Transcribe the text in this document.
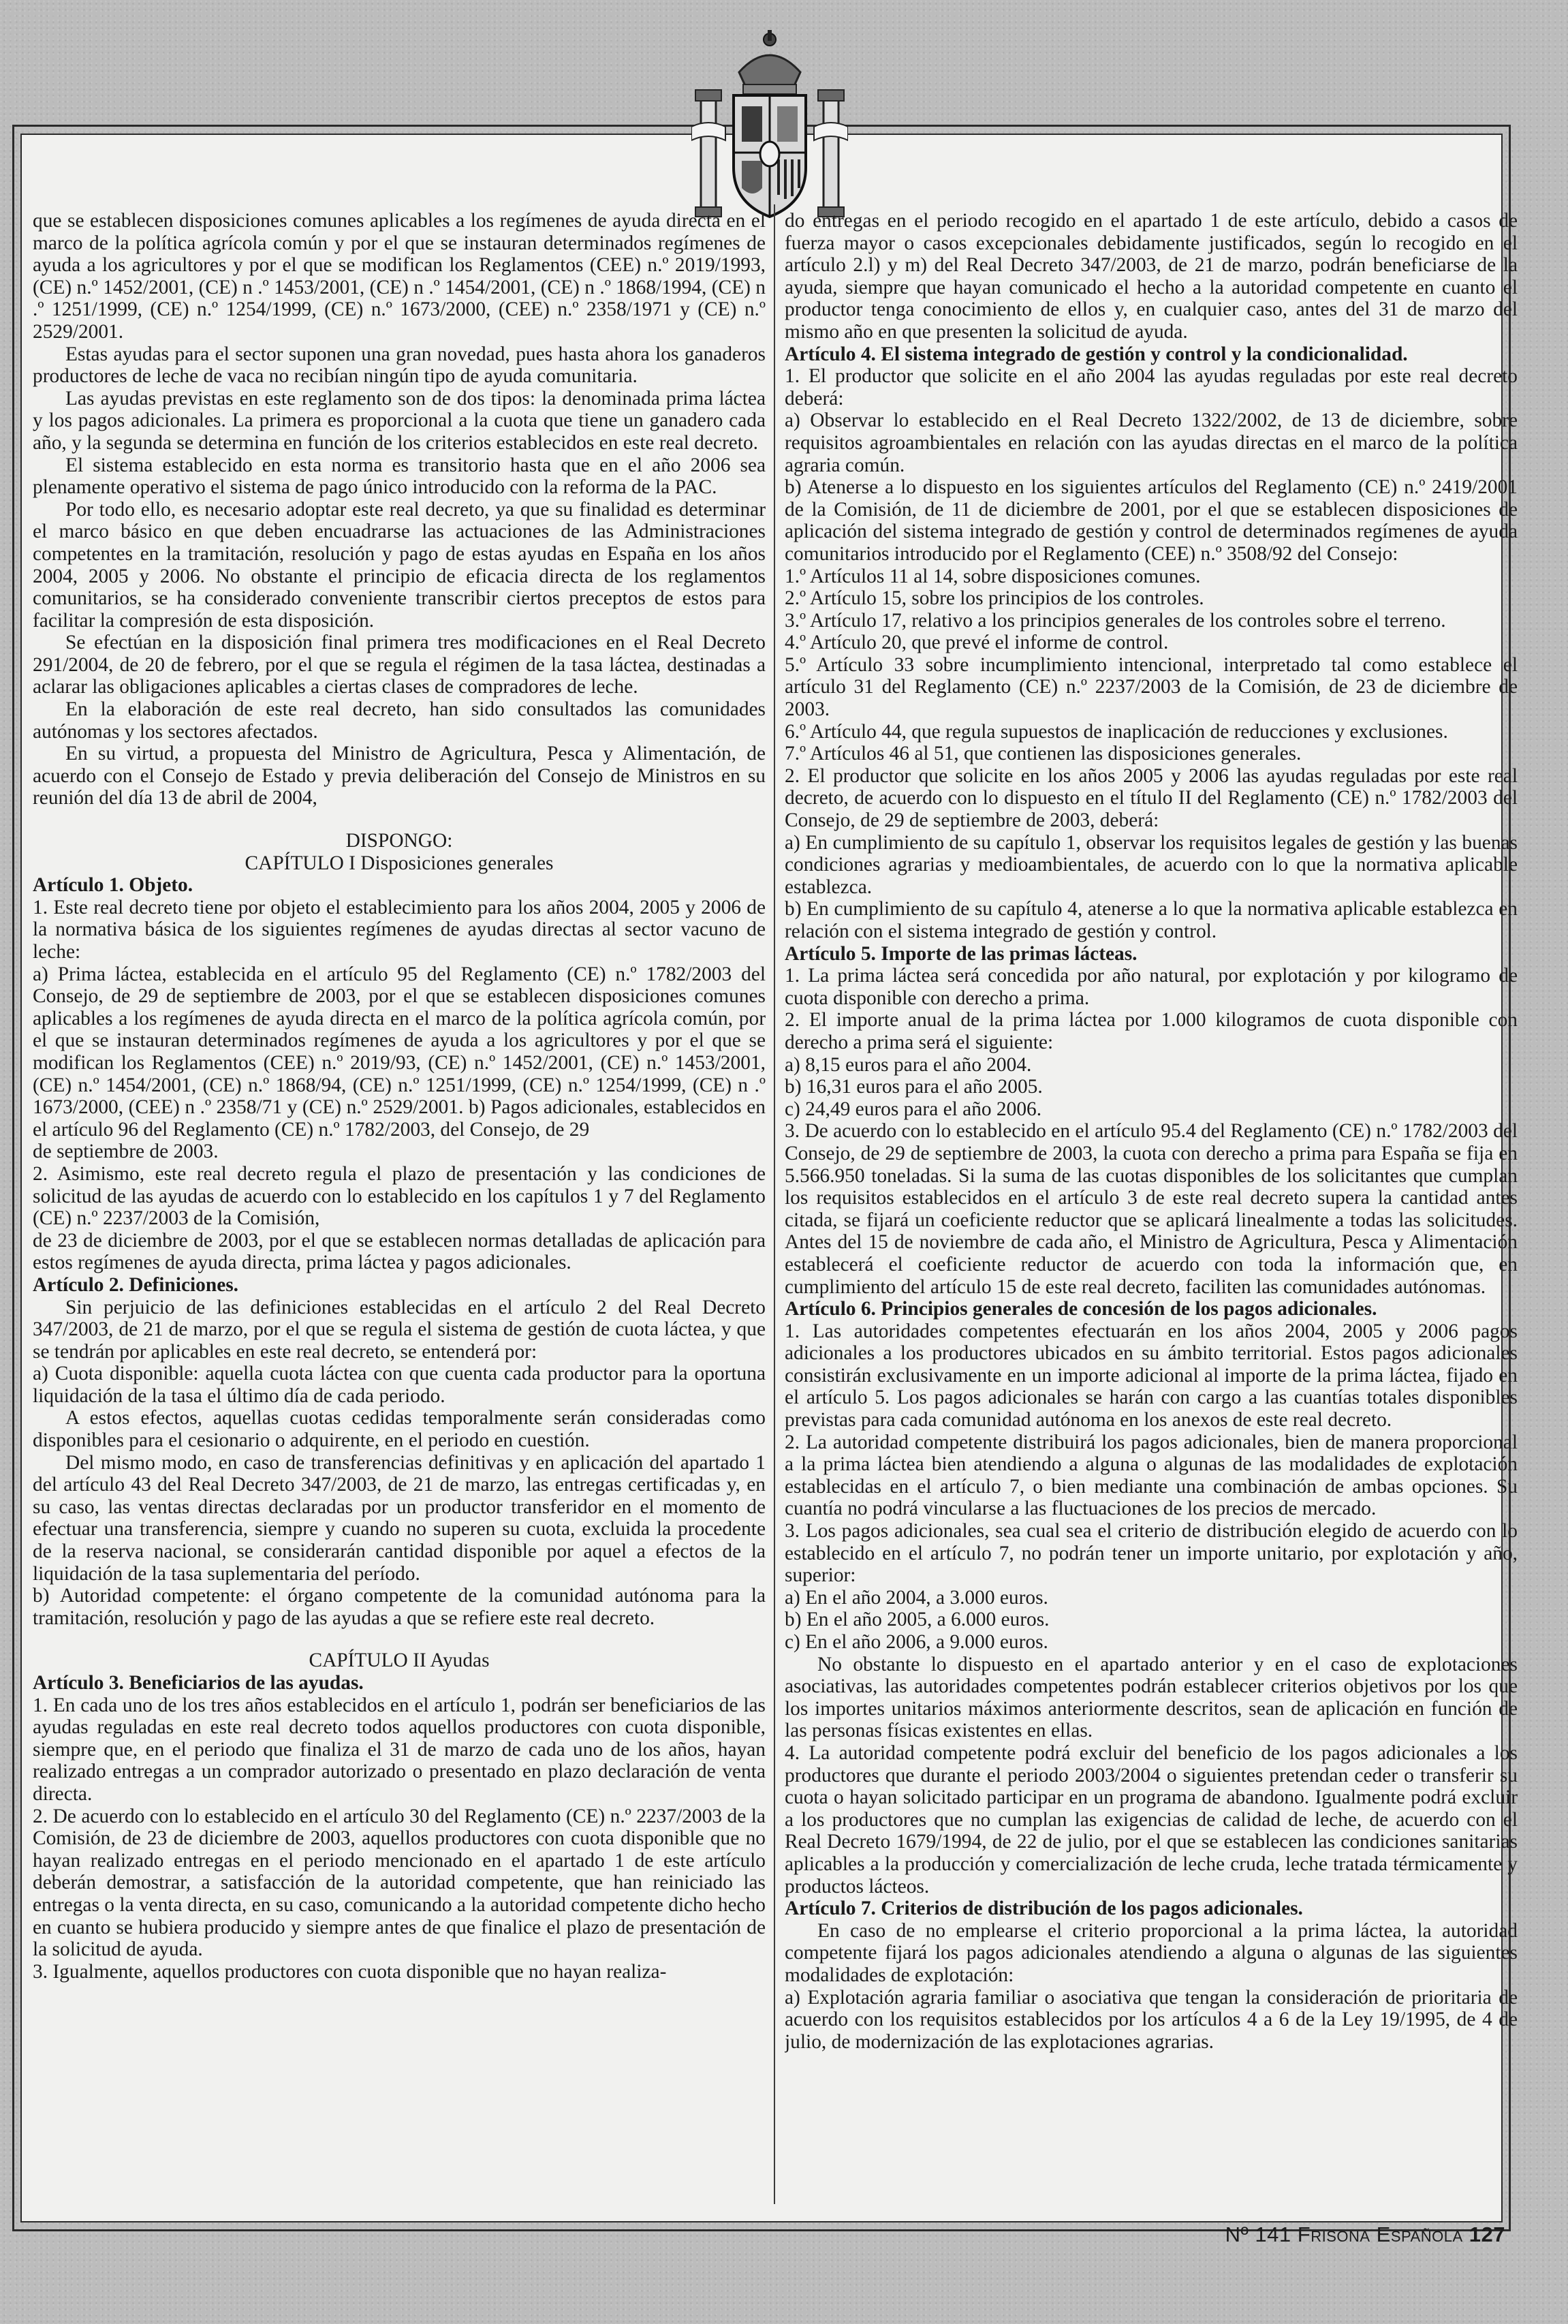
que se establecen disposiciones comunes aplicables a los regímenes de ayuda directa en el marco de la política agrícola común y por el que se instauran determinados regímenes de ayuda a los agricultores y por el que se modifican los Reglamentos (CEE) n.º 2019/1993, (CE) n.º 1452/2001, (CE) n .º 1453/2001, (CE) n .º 1454/2001, (CE) n .º 1868/1994, (CE) n .º 1251/1999, (CE) n.º 1254/1999, (CE) n.º 1673/2000, (CEE) n.º 2358/1971 y (CE) n.º 2529/2001.

Estas ayudas para el sector suponen una gran novedad, pues hasta ahora los ganaderos productores de leche de vaca no recibían ningún tipo de ayuda comunitaria.

Las ayudas previstas en este reglamento son de dos tipos: la denominada prima láctea y los pagos adicionales. La primera es proporcional a la cuota que tiene un ganadero cada año, y la segunda se determina en función de los criterios establecidos en este real decreto.

El sistema establecido en esta norma es transitorio hasta que en el año 2006 sea plenamente operativo el sistema de pago único introducido con la reforma de la PAC.

Por todo ello, es necesario adoptar este real decreto, ya que su finalidad es determinar el marco básico en que deben encuadrarse las actuaciones de las Administraciones competentes en la tramitación, resolución y pago de estas ayudas en España en los años 2004, 2005 y 2006. No obstante el principio de eficacia directa de los reglamentos comunitarios, se ha considerado conveniente transcribir ciertos preceptos de estos para facilitar la compresión de esta disposición.

Se efectúan en la disposición final primera tres modificaciones en el Real Decreto 291/2004, de 20 de febrero, por el que se regula el régimen de la tasa láctea, destinadas a aclarar las obligaciones aplicables a ciertas clases de compradores de leche.

En la elaboración de este real decreto, han sido consultados las comunidades autónomas y los sectores afectados.

En su virtud, a propuesta del Ministro de Agricultura, Pesca y Alimentación, de acuerdo con el Consejo de Estado y previa deliberación del Consejo de Ministros en su reunión del día 13 de abril de 2004,

DISPONGO:

CAPÍTULO I Disposiciones generales

Artículo 1. Objeto.

1. Este real decreto tiene por objeto el establecimiento para los años 2004, 2005 y 2006 de la normativa básica de los siguientes regímenes de ayudas directas al sector vacuno de leche:

a) Prima láctea, establecida en el artículo 95 del Reglamento (CE) n.º 1782/2003 del Consejo, de 29 de septiembre de 2003, por el que se establecen disposiciones comunes aplicables a los regímenes de ayuda directa en el marco de la política agrícola común, por el que se instauran determinados regímenes de ayuda a los agricultores y por el que se modifican los Reglamentos (CEE) n.º 2019/93, (CE) n.º 1452/2001, (CE) n.º 1453/2001, (CE) n.º 1454/2001, (CE) n.º 1868/94, (CE) n.º 1251/1999, (CE) n.º 1254/1999, (CE) n .º 1673/2000, (CEE) n .º 2358/71 y (CE) n.º 2529/2001. b) Pagos adicionales, establecidos en el artículo 96 del Reglamento (CE) n.º 1782/2003, del Consejo, de 29

de septiembre de 2003.

2. Asimismo, este real decreto regula el plazo de presentación y las condiciones de solicitud de las ayudas de acuerdo con lo establecido en los capítulos 1 y 7 del Reglamento (CE) n.º 2237/2003 de la Comisión,

de 23 de diciembre de 2003, por el que se establecen normas detalladas de aplicación para estos regímenes de ayuda directa, prima láctea y pagos adicionales.

Artículo 2. Definiciones.

Sin perjuicio de las definiciones establecidas en el artículo 2 del Real Decreto 347/2003, de 21 de marzo, por el que se regula el sistema de gestión de cuota láctea, y que se tendrán por aplicables en este real decreto, se entenderá por:

a) Cuota disponible: aquella cuota láctea con que cuenta cada productor para la oportuna liquidación de la tasa el último día de cada periodo.

A estos efectos, aquellas cuotas cedidas temporalmente serán consideradas como disponibles para el cesionario o adquirente, en el periodo en cuestión.

Del mismo modo, en caso de transferencias definitivas y en aplicación del apartado 1 del artículo 43 del Real Decreto 347/2003, de 21 de marzo, las entregas certificadas y, en su caso, las ventas directas declaradas por un productor transferidor en el momento de efectuar una transferencia, siempre y cuando no superen su cuota, excluida la procedente de la reserva nacional, se considerarán cantidad disponible por aquel a efectos de la liquidación de la tasa suplementaria del período.

b) Autoridad competente: el órgano competente de la comunidad autónoma para la tramitación, resolución y pago de las ayudas a que se refiere este real decreto.

CAPÍTULO II Ayudas

Artículo 3. Beneficiarios de las ayudas.

1. En cada uno de los tres años establecidos en el artículo 1, podrán ser beneficiarios de las ayudas reguladas en este real decreto todos aquellos productores con cuota disponible, siempre que, en el periodo que finaliza el 31 de marzo de cada uno de los años, hayan realizado entregas a un comprador autorizado o presentado en plazo declaración de venta directa.

2. De acuerdo con lo establecido en el artículo 30 del Reglamento (CE) n.º 2237/2003 de la Comisión, de 23 de diciembre de 2003, aquellos productores con cuota disponible que no hayan realizado entregas en el periodo mencionado en el apartado 1 de este artículo deberán demostrar, a satisfacción de la autoridad competente, que han reiniciado las entregas o la venta directa, en su caso, comunicando a la autoridad competente dicho hecho en cuanto se hubiera producido y siempre antes de que finalice el plazo de presentación de la solicitud de ayuda.

3. Igualmente, aquellos productores con cuota disponible que no hayan realiza-

do entregas en el periodo recogido en el apartado 1 de este artículo, debido a casos de fuerza mayor o casos excepcionales debidamente justificados, según lo recogido en el artículo 2.l) y m) del Real Decreto 347/2003, de 21 de marzo, podrán beneficiarse de la ayuda, siempre que hayan comunicado el hecho a la autoridad competente en cuanto el productor tenga conocimiento de ellos y, en cualquier caso, antes del 31 de marzo del mismo año en que presenten la solicitud de ayuda.

Artículo 4. El sistema integrado de gestión y control y la condicionalidad.

1. El productor que solicite en el año 2004 las ayudas reguladas por este real decreto deberá:

a) Observar lo establecido en el Real Decreto 1322/2002, de 13 de diciembre, sobre requisitos agroambientales en relación con las ayudas directas en el marco de la política agraria común.

b) Atenerse a lo dispuesto en los siguientes artículos del Reglamento (CE) n.º 2419/2001 de la Comisión, de 11 de diciembre de 2001, por el que se establecen disposiciones de aplicación del sistema integrado de gestión y control de determinados regímenes de ayuda comunitarios introducido por el Reglamento (CEE) n.º 3508/92 del Consejo:

1.º Artículos 11 al 14, sobre disposiciones comunes.

2.º Artículo 15, sobre los principios de los controles.

3.º Artículo 17, relativo a los principios generales de los controles sobre el terreno.

4.º Artículo 20, que prevé el informe de control.

5.º Artículo 33 sobre incumplimiento intencional, interpretado tal como establece el artículo 31 del Reglamento (CE) n.º 2237/2003 de la Comisión, de 23 de diciembre de 2003.

6.º Artículo 44, que regula supuestos de inaplicación de reducciones y exclusiones.

7.º Artículos 46 al 51, que contienen las disposiciones generales.

2. El productor que solicite en los años 2005 y 2006 las ayudas reguladas por este real decreto, de acuerdo con lo dispuesto en el título II del Reglamento (CE) n.º 1782/2003 del Consejo, de 29 de septiembre de 2003, deberá:

a) En cumplimiento de su capítulo 1, observar los requisitos legales de gestión y las buenas condiciones agrarias y medioambientales, de acuerdo con lo que la normativa aplicable establezca.

b) En cumplimiento de su capítulo 4, atenerse a lo que la normativa aplicable establezca en relación con el sistema integrado de gestión y control.

Artículo 5. Importe de las primas lácteas.

1. La prima láctea será concedida por año natural, por explotación y por kilogramo de cuota disponible con derecho a prima.

2. El importe anual de la prima láctea por 1.000 kilogramos de cuota disponible con derecho a prima será el siguiente:

a) 8,15 euros para el año 2004.

b) 16,31 euros para el año 2005.

c) 24,49 euros para el año 2006.

3. De acuerdo con lo establecido en el artículo 95.4 del Reglamento (CE) n.º 1782/2003 del Consejo, de 29 de septiembre de 2003, la cuota con derecho a prima para España se fija en 5.566.950 toneladas. Si la suma de las cuotas disponibles de los solicitantes que cumplan los requisitos establecidos en el artículo 3 de este real decreto supera la cantidad antes citada, se fijará un coeficiente reductor que se aplicará linealmente a todas las solicitudes. Antes del 15 de noviembre de cada año, el Ministro de Agricultura, Pesca y Alimentación establecerá el coeficiente reductor de acuerdo con toda la información que, en cumplimiento del artículo 15 de este real decreto, faciliten las comunidades autónomas.

Artículo 6. Principios generales de concesión de los pagos adicionales.

1. Las autoridades competentes efectuarán en los años 2004, 2005 y 2006 pagos adicionales a los productores ubicados en su ámbito territorial. Estos pagos adicionales consistirán exclusivamente en un importe adicional al importe de la prima láctea, fijado en el artículo 5. Los pagos adicionales se harán con cargo a las cuantías totales disponibles previstas para cada comunidad autónoma en los anexos de este real decreto.

2. La autoridad competente distribuirá los pagos adicionales, bien de manera proporcional a la prima láctea bien atendiendo a alguna o algunas de las modalidades de explotación establecidas en el artículo 7, o bien mediante una combinación de ambas opciones. Su cuantía no podrá vincularse a las fluctuaciones de los precios de mercado.

3. Los pagos adicionales, sea cual sea el criterio de distribución elegido de acuerdo con lo establecido en el artículo 7, no podrán tener un importe unitario, por explotación y año, superior:

a) En el año 2004, a 3.000 euros.

b) En el año 2005, a 6.000 euros.

c) En el año 2006, a 9.000 euros.

No obstante lo dispuesto en el apartado anterior y en el caso de explotaciones asociativas, las autoridades competentes podrán establecer criterios objetivos por los que los importes unitarios máximos anteriormente descritos, sean de aplicación en función de las personas físicas existentes en ellas.

4. La autoridad competente podrá excluir del beneficio de los pagos adicionales a los productores que durante el periodo 2003/2004 o siguientes pretendan ceder o transferir su cuota o hayan solicitado participar en un programa de abandono. Igualmente podrá excluir a los productores que no cumplan las exigencias de calidad de leche, de acuerdo con el Real Decreto 1679/1994, de 22 de julio, por el que se establecen las condiciones sanitarias aplicables a la producción y comercialización de leche cruda, leche tratada térmicamente y productos lácteos.

Artículo 7. Criterios de distribución de los pagos adicionales.

En caso de no emplearse el criterio proporcional a la prima láctea, la autoridad competente fijará los pagos adicionales atendiendo a alguna o algunas de las siguientes modalidades de explotación:

a) Explotación agraria familiar o asociativa que tengan la consideración de prioritaria de acuerdo con los requisitos establecidos por los artículos 4 a 6 de la Ley 19/1995, de 4 de julio, de modernización de las explotaciones agrarias.

Nº 141 Frisona Española 127
